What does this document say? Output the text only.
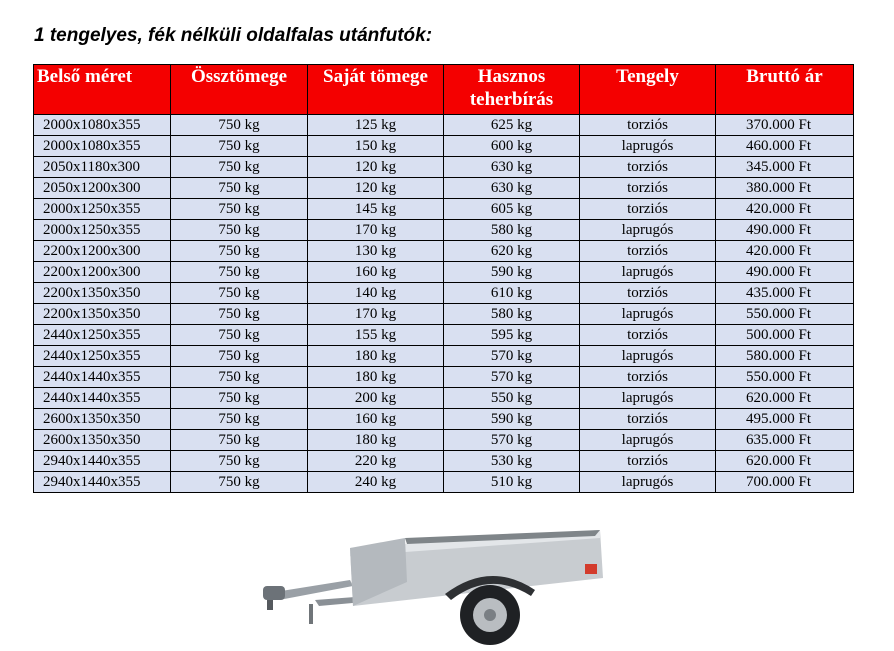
1 tengelyes, fék nélküli oldalfalas utánfutók:
Belső méret	Össztömege	Saját tömege	Hasznos teherbírás	Tengely	Bruttó ár
2000x1080x355	750 kg	125 kg	625 kg	torziós	370.000 Ft
2000x1080x355	750 kg	150 kg	600 kg	laprugós	460.000 Ft
2050x1180x300	750 kg	120 kg	630 kg	torziós	345.000 Ft
2050x1200x300	750 kg	120 kg	630 kg	torziós	380.000 Ft
2000x1250x355	750 kg	145 kg	605 kg	torziós	420.000 Ft
2000x1250x355	750 kg	170 kg	580 kg	laprugós	490.000 Ft
2200x1200x300	750 kg	130 kg	620 kg	torziós	420.000 Ft
2200x1200x300	750 kg	160 kg	590 kg	laprugós	490.000 Ft
2200x1350x350	750 kg	140 kg	610 kg	torziós	435.000 Ft
2200x1350x350	750 kg	170 kg	580 kg	laprugós	550.000 Ft
2440x1250x355	750 kg	155 kg	595 kg	torziós	500.000 Ft
2440x1250x355	750 kg	180 kg	570 kg	laprugós	580.000 Ft
2440x1440x355	750 kg	180 kg	570 kg	torziós	550.000 Ft
2440x1440x355	750 kg	200 kg	550 kg	laprugós	620.000 Ft
2600x1350x350	750 kg	160 kg	590 kg	torziós	495.000 Ft
2600x1350x350	750 kg	180 kg	570 kg	laprugós	635.000 Ft
2940x1440x355	750 kg	220 kg	530 kg	torziós	620.000 Ft
2940x1440x355	750 kg	240 kg	510 kg	laprugós	700.000 Ft
